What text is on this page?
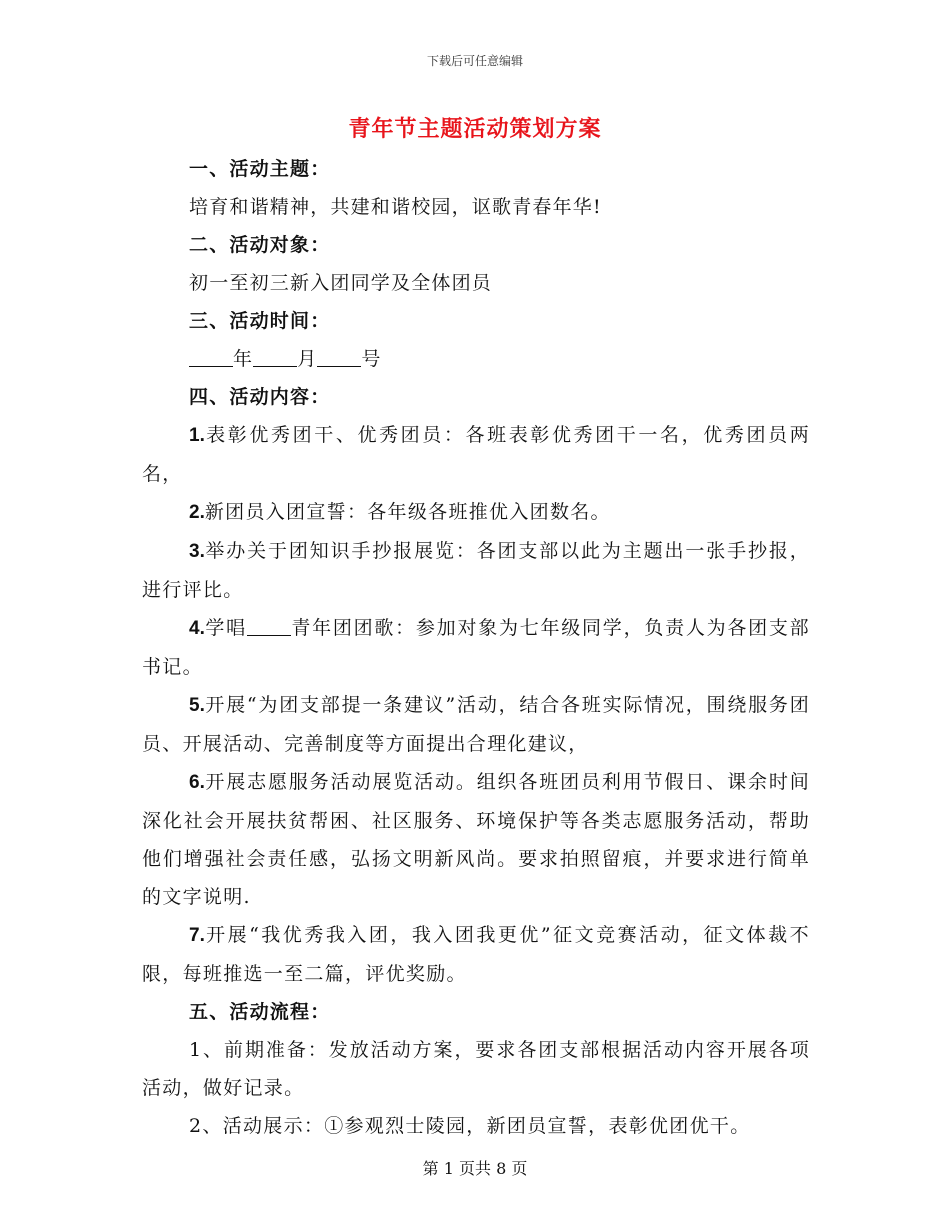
下载后可任意编辑
青年节主题活动策划方案
一、活动主题：
培育和谐精神，共建和谐校园，讴歌青春年华!
二、活动对象：
初一至初三新入团同学及全体团员
三、活动时间：
年 月 号
四、活动内容：
1.表彰优秀团干、优秀团员：各班表彰优秀团干一名，优秀团员两名，
2.新团员入团宣誓：各年级各班推优入团数名。
3.举办关于团知识手抄报展览：各团支部以此为主题出一张手抄报，进行评比。
4.学唱 青年团团歌：参加对象为七年级同学，负责人为各团支部书记。
5.开展“为团支部提一条建议”活动，结合各班实际情况，围绕服务团员、开展活动、完善制度等方面提出合理化建议，
6.开展志愿服务活动展览活动。组织各班团员利用节假日、课余时间深化社会开展扶贫帮困、社区服务、环境保护等各类志愿服务活动，帮助他们增强社会责任感，弘扬文明新风尚。要求拍照留痕，并要求进行简单的文字说明.
7.开展“我优秀我入团，我入团我更优”征文竞赛活动，征文体裁不限，每班推选一至二篇，评优奖励。
五、活动流程：
1、前期准备：发放活动方案，要求各团支部根据活动内容开展各项活动，做好记录。
2、活动展示：①参观烈士陵园，新团员宣誓，表彰优团优干。
第 1 页共 8 页
